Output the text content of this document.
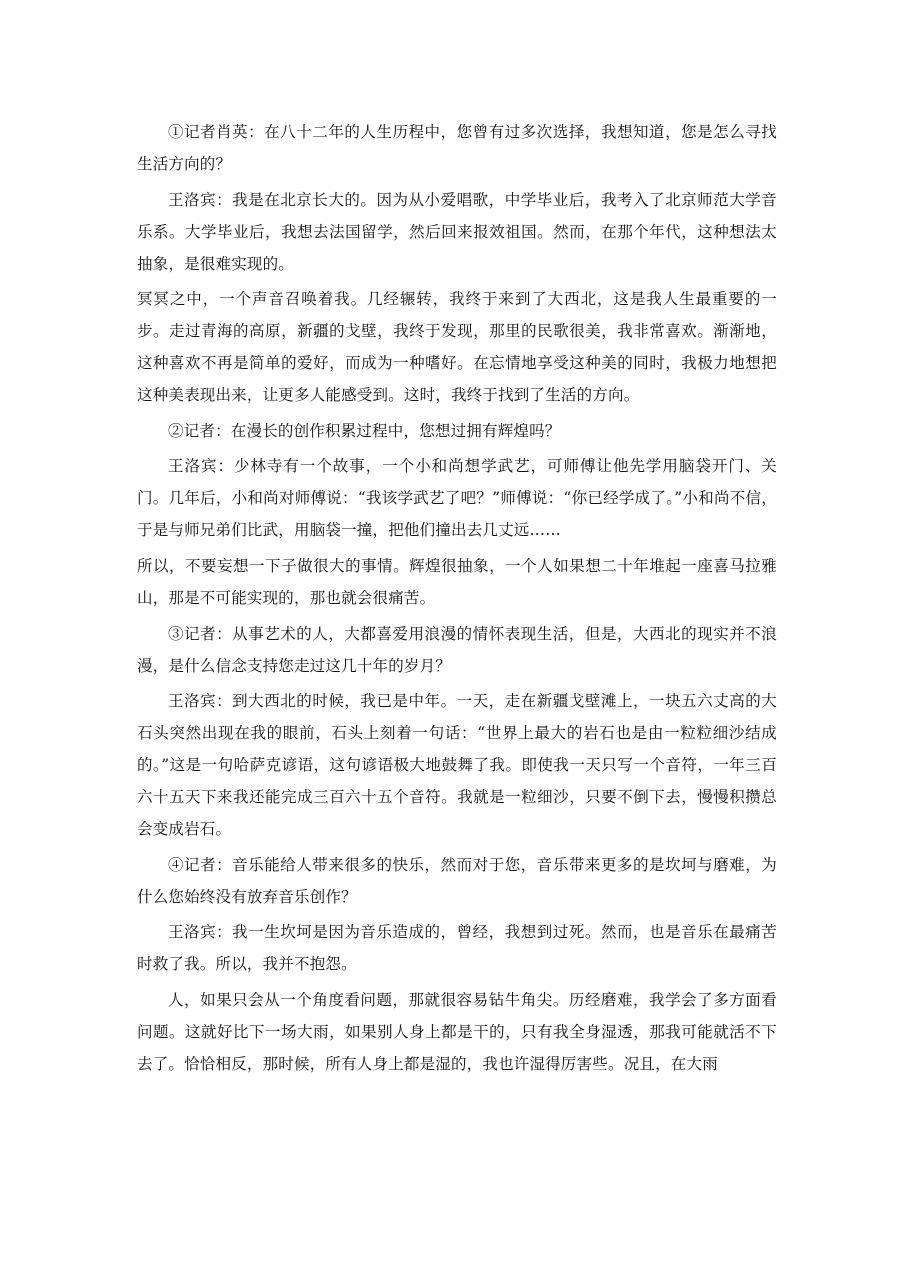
①记者肖英：在八十二年的人生历程中，您曾有过多次选择，我想知道，您是怎么寻找生活方向的？

王洛宾：我是在北京长大的。因为从小爱唱歌，中学毕业后，我考入了北京师范大学音乐系。大学毕业后，我想去法国留学，然后回来报效祖国。然而，在那个年代，这种想法太抽象，是很难实现的。

冥冥之中，一个声音召唤着我。几经辗转，我终于来到了大西北，这是我人生最重要的一步。走过青海的高原，新疆的戈壁，我终于发现，那里的民歌很美，我非常喜欢。渐渐地，这种喜欢不再是简单的爱好，而成为一种嗜好。在忘情地享受这种美的同时，我极力地想把这种美表现出来，让更多人能感受到。这时，我终于找到了生活的方向。

②记者：在漫长的创作积累过程中，您想过拥有辉煌吗？

王洛宾：少林寺有一个故事，一个小和尚想学武艺，可师傅让他先学用脑袋开门、关门。几年后，小和尚对师傅说：“我该学武艺了吧？”师傅说：“你已经学成了。”小和尚不信，于是与师兄弟们比武，用脑袋一撞，把他们撞出去几丈远……

所以，不要妄想一下子做很大的事情。辉煌很抽象，一个人如果想二十年堆起一座喜马拉雅山，那是不可能实现的，那也就会很痛苦。

③记者：从事艺术的人，大都喜爱用浪漫的情怀表现生活，但是，大西北的现实并不浪漫，是什么信念支持您走过这几十年的岁月？

王洛宾：到大西北的时候，我已是中年。一天，走在新疆戈壁滩上，一块五六丈高的大石头突然出现在我的眼前，石头上刻着一句话：“世界上最大的岩石也是由一粒粒细沙结成的。”这是一句哈萨克谚语，这句谚语极大地鼓舞了我。即使我一天只写一个音符，一年三百六十五天下来我还能完成三百六十五个音符。我就是一粒细沙，只要不倒下去，慢慢积攒总会变成岩石。

④记者：音乐能给人带来很多的快乐，然而对于您，音乐带来更多的是坎坷与磨难，为什么您始终没有放弃音乐创作？

王洛宾：我一生坎坷是因为音乐造成的，曾经，我想到过死。然而，也是音乐在最痛苦时救了我。所以，我并不抱怨。

人，如果只会从一个角度看问题，那就很容易钻牛角尖。历经磨难，我学会了多方面看问题。这就好比下一场大雨，如果别人身上都是干的，只有我全身湿透，那我可能就活不下去了。恰恰相反，那时候，所有人身上都是湿的，我也许湿得厉害些。况且，在大雨
